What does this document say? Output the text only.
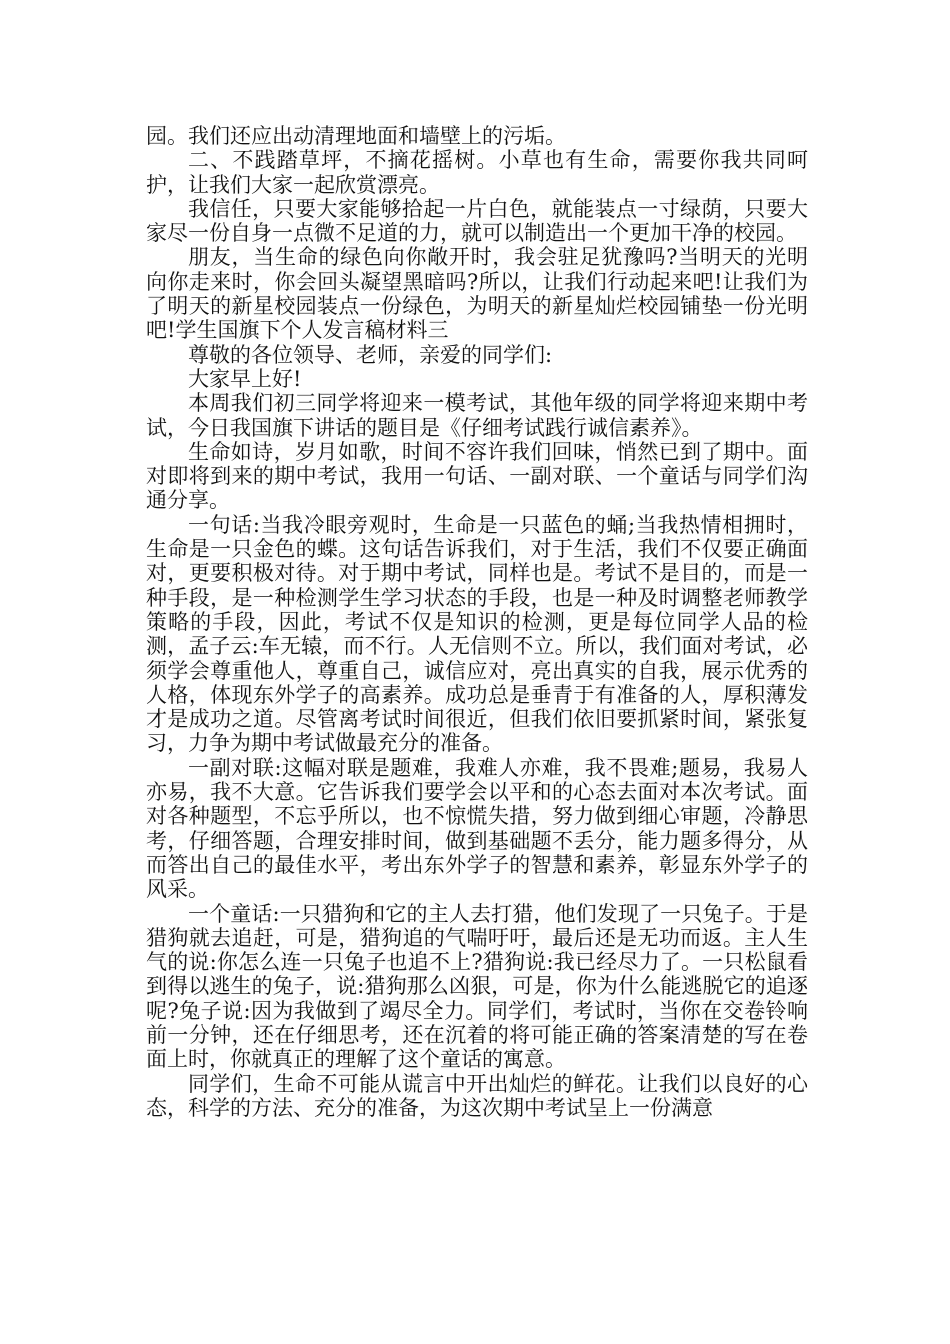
园。我们还应出动清理地面和墙壁上的污垢。

二、不践踏草坪，不摘花摇树。小草也有生命，需要你我共同呵护，让我们大家一起欣赏漂亮。

我信任，只要大家能够拾起一片白色，就能装点一寸绿荫，只要大家尽一份自身一点微不足道的力，就可以制造出一个更加干净的校园。

朋友，当生命的绿色向你敞开时，我会驻足犹豫吗?当明天的光明向你走来时，你会回头凝望黑暗吗?所以，让我们行动起来吧!让我们为了明天的新星校园装点一份绿色，为明天的新星灿烂校园铺垫一份光明吧!学生国旗下个人发言稿材料三

尊敬的各位领导、老师，亲爱的同学们:

大家早上好!

本周我们初三同学将迎来一模考试，其他年级的同学将迎来期中考试，今日我国旗下讲话的题目是《仔细考试践行诚信素养》。

生命如诗，岁月如歌，时间不容许我们回味，悄然已到了期中。面对即将到来的期中考试，我用一句话、一副对联、一个童话与同学们沟通分享。

一句话:当我冷眼旁观时，生命是一只蓝色的蛹;当我热情相拥时，生命是一只金色的蝶。这句话告诉我们，对于生活，我们不仅要正确面对，更要积极对待。对于期中考试，同样也是。考试不是目的，而是一种手段，是一种检测学生学习状态的手段，也是一种及时调整老师教学策略的手段，因此，考试不仅是知识的检测，更是每位同学人品的检测，孟子云:车无辕，而不行。人无信则不立。所以，我们面对考试，必须学会尊重他人，尊重自己，诚信应对，亮出真实的自我，展示优秀的人格，体现东外学子的高素养。成功总是垂青于有准备的人，厚积薄发才是成功之道。尽管离考试时间很近，但我们依旧要抓紧时间，紧张复习，力争为期中考试做最充分的准备。

一副对联:这幅对联是题难，我难人亦难，我不畏难;题易，我易人亦易，我不大意。它告诉我们要学会以平和的心态去面对本次考试。面对各种题型，不忘乎所以，也不惊慌失措，努力做到细心审题，冷静思考，仔细答题，合理安排时间，做到基础题不丢分，能力题多得分，从而答出自己的最佳水平，考出东外学子的智慧和素养，彰显东外学子的风采。

一个童话:一只猎狗和它的主人去打猎，他们发现了一只兔子。于是猎狗就去追赶，可是，猎狗追的气喘吁吁，最后还是无功而返。主人生气的说:你怎么连一只兔子也追不上?猎狗说:我已经尽力了。一只松鼠看到得以逃生的兔子，说:猎狗那么凶狠，可是，你为什么能逃脱它的追逐呢?兔子说:因为我做到了竭尽全力。同学们，考试时，当你在交卷铃响前一分钟，还在仔细思考，还在沉着的将可能正确的答案清楚的写在卷面上时，你就真正的理解了这个童话的寓意。

同学们，生命不可能从谎言中开出灿烂的鲜花。让我们以良好的心态，科学的方法、充分的准备，为这次期中考试呈上一份满意
